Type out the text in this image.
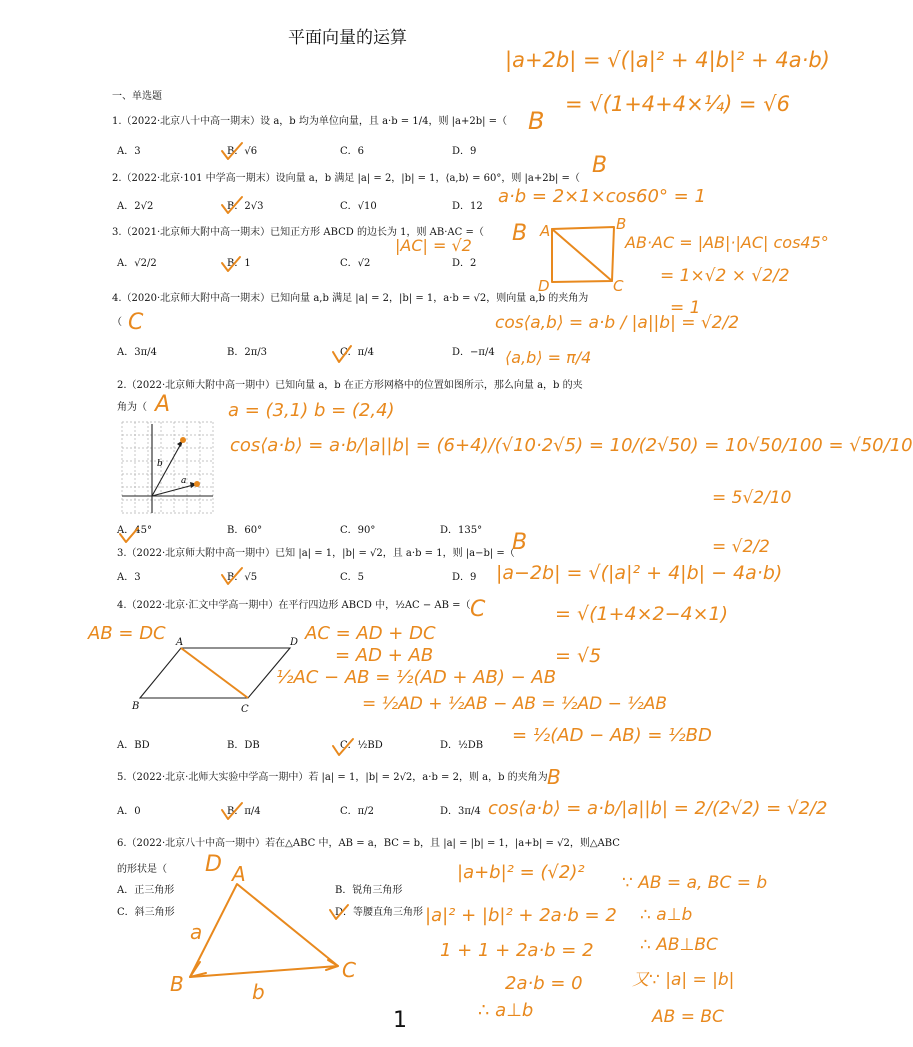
平面向量的运算
一、单选题
1.（2022·北京八十中高一期末）设 a，b 均为单位向量，且 a·b = 1/4，则 |a+2b| =（
A．3	B．√6	C．6	D．9
2.（2022·北京·101 中学高一期末）设向量 a，b 满足 |a| = 2，|b| = 1，⟨a,b⟩ = 60°，则 |a+2b| =（
A．2√2	B．2√3	C．√10	D．12
3.（2021·北京师大附中高一期末）已知正方形 ABCD 的边长为 1，则 AB·AC =（
A．√2/2	B．1	C．√2	D．2
4.（2020·北京师大附中高一期末）已知向量 a,b 满足 |a| = 2，|b| = 1，a·b = √2，则向量 a,b 的夹角为
（
A．3π/4	B．2π/3	C．π/4	D．−π/4
2.（2022·北京师大附中高一期中）已知向量 a，b 在正方形网格中的位置如图所示，那么向量 a，b 的夹
角为（
A．45°	B．60°	C．90°	D．135°
3.（2022·北京师大附中高一期中）已知 |a| = 1，|b| = √2，且 a·b = 1，则 |a−b| =（
A．3	B．√5	C．5	D．9
4.（2022·北京·汇文中学高一期中）在平行四边形 ABCD 中，½AC − AB =（
A．BD	B．DB	C．½BD	D．½DB
A	D
B	C
5.（2022·北京·北师大实验中学高一期中）若 |a| = 1，|b| = 2√2，a·b = 2，则 a，b 的夹角为
A．0	B．π/4	C．π/2	D．3π/4
6.（2022·北京八十中高一期中）若在△ABC 中，AB = a，BC = b，且 |a| = |b| = 1，|a+b| = √2，则△ABC
的形状是（
A．正三角形	B．锐角三角形
C．斜三角形	D．等腰直角三角形
1
b
a
|a+2b| = √(|a|² + 4|b|² + 4a·b)
= √(1+4+4×¼) = √6
B
B
a·b = 2×1×cos60° = 1
|AC| = √2 B A	B
C
D
AB·AC = |AB|·|AC| cos45°
= 1×√2 × √2/2
= 1
C	cos⟨a,b⟩ = a·b / |a||b| = √2/2
⟨a,b⟩ = π/4
A	a = (3,1) b = (2,4)
cos⟨a·b⟩ = a·b/|a||b| = (6+4)/(√10·2√5) = 10/(2√50) = 10√50/100 = √50/10
= 5√2/10
= √2/2
B
|a−2b| = √(|a|² + 4|b| − 4a·b)
= √(1+4×2−4×1)
= √5
C
AB = DC	AC = AD + DC
= AD + AB
½AC − AB = ½(AD + AB) − AB
= ½AD + ½AB − AB = ½AD − ½AB
= ½(AD − AB) = ½BD
B
cos⟨a·b⟩ = a·b/|a||b| = 2/(2√2) = √2/2
D	|a+b|² = (√2)²
|a|² + |b|² + 2a·b = 2
1 + 1 + 2a·b = 2
2a·b = 0
∴ a⊥b
∵ AB = a, BC = b
∴ a⊥b
∴ AB⊥BC
又∵ |a| = |b|
AB = BC
A
B
C
a
b
